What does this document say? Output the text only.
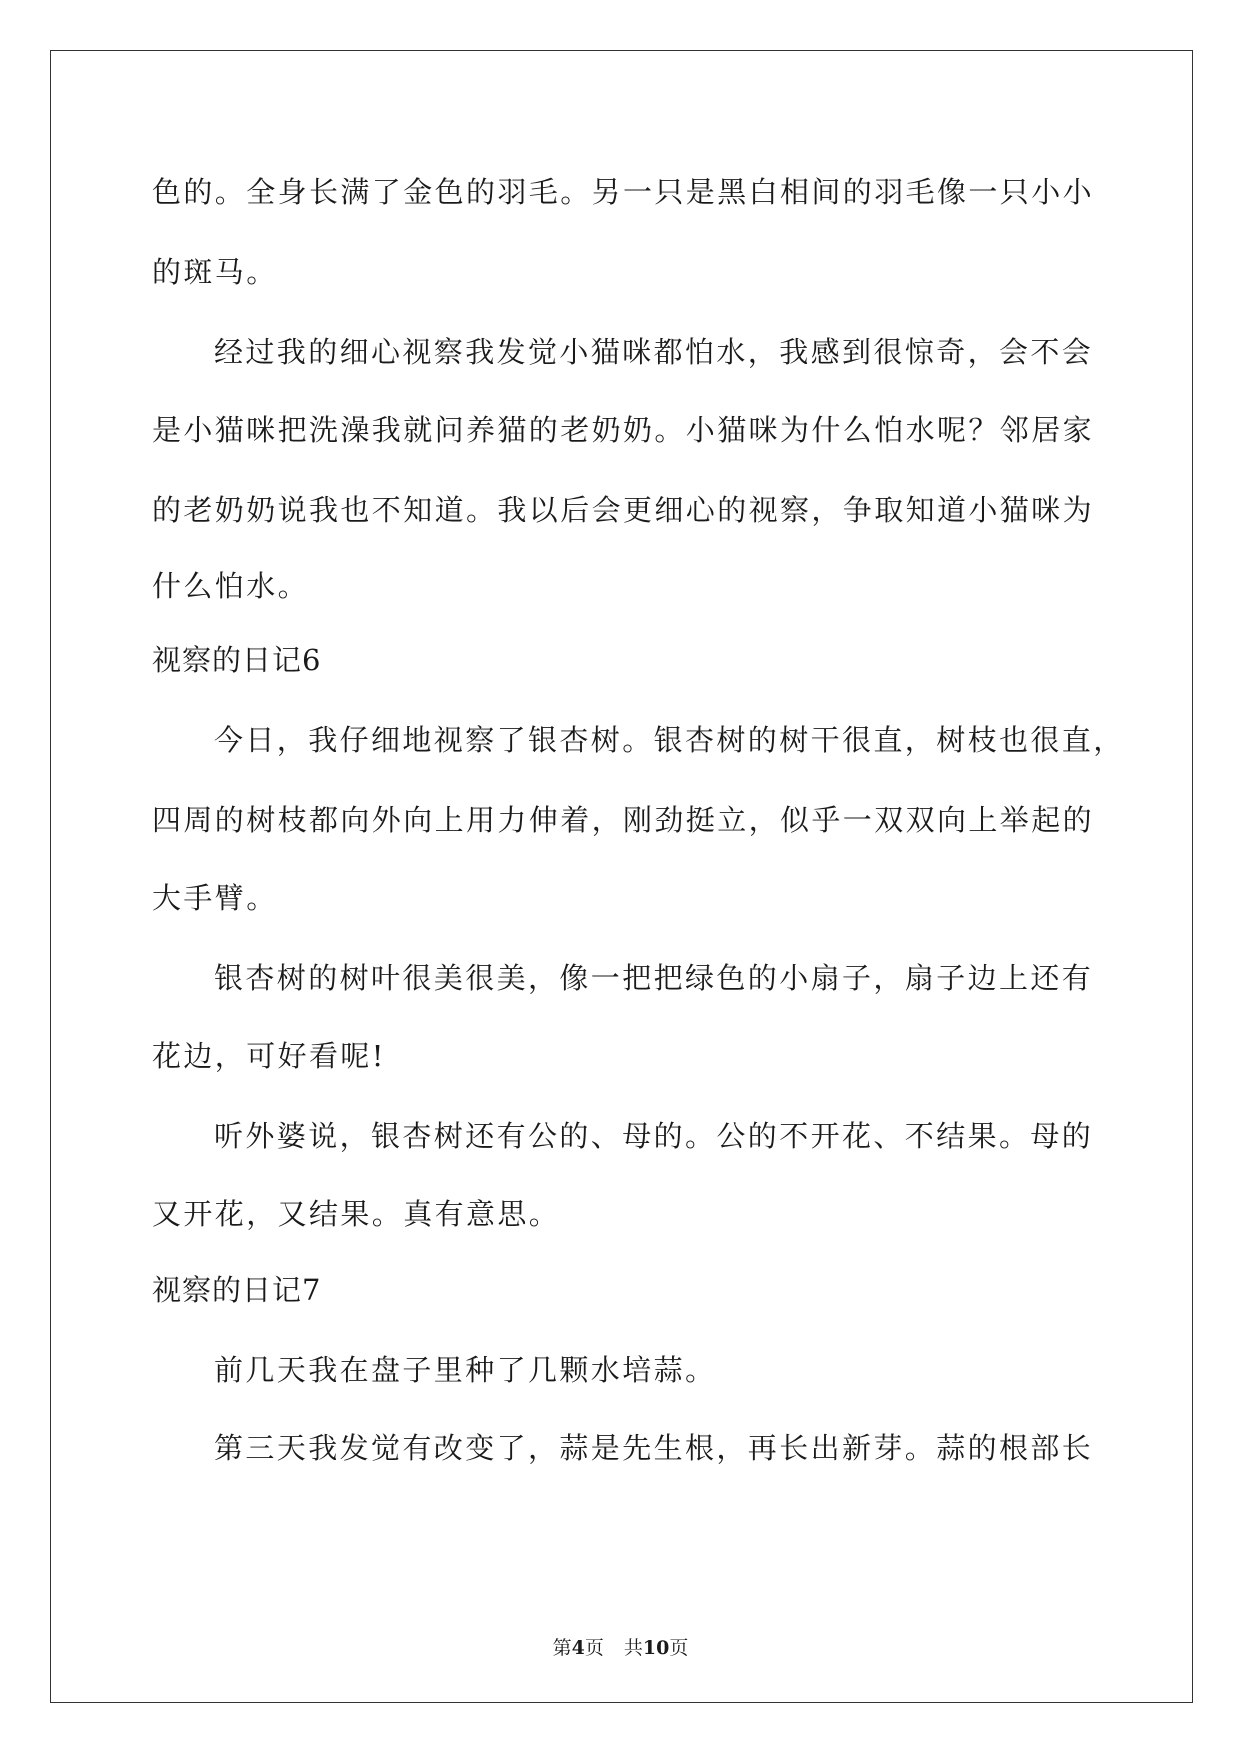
色的。全身长满了金色的羽毛。另一只是黑白相间的羽毛像一只小小
的斑马。
经过我的细心视察我发觉小猫咪都怕水，我感到很惊奇，会不会
是小猫咪把洗澡我就问养猫的老奶奶。小猫咪为什么怕水呢？邻居家
的老奶奶说我也不知道。我以后会更细心的视察，争取知道小猫咪为
什么怕水。
视察的日记6
今日，我仔细地视察了银杏树。银杏树的树干很直，树枝也很直，
四周的树枝都向外向上用力伸着，刚劲挺立，似乎一双双向上举起的
大手臂。
银杏树的树叶很美很美，像一把把绿色的小扇子，扇子边上还有
花边，可好看呢!
听外婆说，银杏树还有公的、母的。公的不开花、不结果。母的
又开花，又结果。真有意思。
视察的日记7
前几天我在盘子里种了几颗水培蒜。
第三天我发觉有改变了，蒜是先生根，再长出新芽。蒜的根部长
第4页 共10页
